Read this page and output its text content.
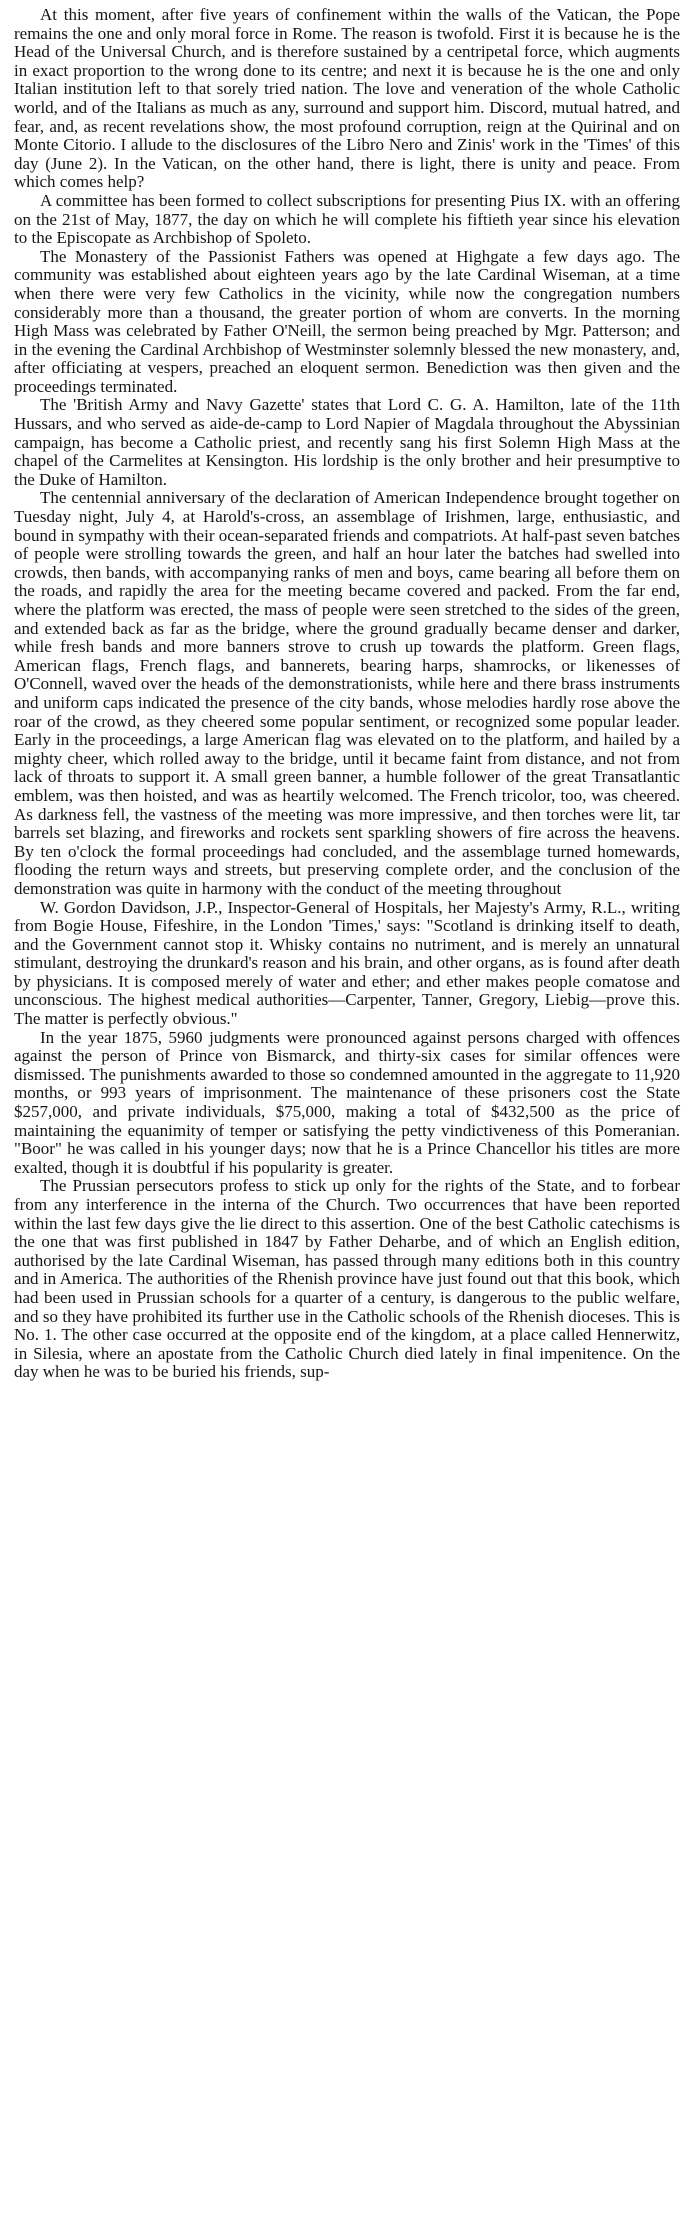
At this moment, after five years of confinement within the walls of the Vatican, the Pope remains the one and only moral force in Rome. The reason is twofold. First it is because he is the Head of the Universal Church, and is therefore sustained by a centripetal force, which augments in exact proportion to the wrong done to its centre; and next it is because he is the one and only Italian institution left to that sorely tried nation. The love and veneration of the whole Catholic world, and of the Italians as much as any, surround and support him. Discord, mutual hatred, and fear, and, as recent revelations show, the most profound corruption, reign at the Quirinal and on Monte Citorio. I allude to the disclosures of the Libro Nero and Zinis' work in the 'Times' of this day (June 2). In the Vatican, on the other hand, there is light, there is unity and peace. From which comes help?

A committee has been formed to collect subscriptions for presenting Pius IX. with an offering on the 21st of May, 1877, the day on which he will complete his fiftieth year since his elevation to the Episcopate as Archbishop of Spoleto.

The Monastery of the Passionist Fathers was opened at Highgate a few days ago. The community was established about eighteen years ago by the late Cardinal Wiseman, at a time when there were very few Catholics in the vicinity, while now the congregation numbers considerably more than a thousand, the greater portion of whom are converts. In the morning High Mass was celebrated by Father O'Neill, the sermon being preached by Mgr. Patterson; and in the evening the Cardinal Archbishop of Westminster solemnly blessed the new monastery, and, after officiating at vespers, preached an eloquent sermon. Benediction was then given and the proceedings terminated.

The 'British Army and Navy Gazette' states that Lord C. G. A. Hamilton, late of the 11th Hussars, and who served as aide-de-camp to Lord Napier of Magdala throughout the Abyssinian campaign, has become a Catholic priest, and recently sang his first Solemn High Mass at the chapel of the Carmelites at Kensington. His lordship is the only brother and heir presumptive to the Duke of Hamilton.

The centennial anniversary of the declaration of American Independence brought together on Tuesday night, July 4, at Harold's-cross, an assemblage of Irishmen, large, enthusiastic, and bound in sympathy with their ocean-separated friends and compatriots. At half-past seven batches of people were strolling towards the green, and half an hour later the batches had swelled into crowds, then bands, with accompanying ranks of men and boys, came bearing all before them on the roads, and rapidly the area for the meeting became covered and packed. From the far end, where the platform was erected, the mass of people were seen stretched to the sides of the green, and extended back as far as the bridge, where the ground gradually became denser and darker, while fresh bands and more banners strove to crush up towards the platform. Green flags, American flags, French flags, and bannerets, bearing harps, shamrocks, or likenesses of O'Connell, waved over the heads of the demonstrationists, while here and there brass instruments and uniform caps indicated the presence of the city bands, whose melodies hardly rose above the roar of the crowd, as they cheered some popular sentiment, or recognized some popular leader. Early in the proceedings, a large American flag was elevated on to the platform, and hailed by a mighty cheer, which rolled away to the bridge, until it became faint from distance, and not from lack of throats to support it. A small green banner, a humble follower of the great Transatlantic emblem, was then hoisted, and was as heartily welcomed. The French tricolor, too, was cheered. As darkness fell, the vastness of the meeting was more impressive, and then torches were lit, tar barrels set blazing, and fireworks and rockets sent sparkling showers of fire across the heavens. By ten o'clock the formal proceedings had concluded, and the assemblage turned homewards, flooding the return ways and streets, but preserving complete order, and the conclusion of the demonstration was quite in harmony with the conduct of the meeting throughout

W. Gordon Davidson, J.P., Inspector-General of Hospitals, her Majesty's Army, R.L., writing from Bogie House, Fifeshire, in the London 'Times,' says: "Scotland is drinking itself to death, and the Government cannot stop it. Whisky contains no nutriment, and is merely an unnatural stimulant, destroying the drunkard's reason and his brain, and other organs, as is found after death by physicians. It is composed merely of water and ether; and ether makes people comatose and unconscious. The highest medical authorities—Carpenter, Tanner, Gregory, Liebig—prove this. The matter is perfectly obvious."

In the year 1875, 5960 judgments were pronounced against persons charged with offences against the person of Prince von Bismarck, and thirty-six cases for similar offences were dismissed. The punishments awarded to those so condemned amounted in the aggregate to 11,920 months, or 993 years of imprisonment. The maintenance of these prisoners cost the State $257,000, and private individuals, $75,000, making a total of $432,500 as the price of maintaining the equanimity of temper or satisfying the petty vindictiveness of this Pomeranian. "Boor" he was called in his younger days; now that he is a Prince Chancellor his titles are more exalted, though it is doubtful if his popularity is greater.

The Prussian persecutors profess to stick up only for the rights of the State, and to forbear from any interference in the interna of the Church. Two occurrences that have been reported within the last few days give the lie direct to this assertion. One of the best Catholic catechisms is the one that was first published in 1847 by Father Deharbe, and of which an English edition, authorised by the late Cardinal Wiseman, has passed through many editions both in this country and in America. The authorities of the Rhenish province have just found out that this book, which had been used in Prussian schools for a quarter of a century, is dangerous to the public welfare, and so they have prohibited its further use in the Catholic schools of the Rhenish dioceses. This is No. 1. The other case occurred at the opposite end of the kingdom, at a place called Hennerwitz, in Silesia, where an apostate from the Catholic Church died lately in final impenitence. On the day when he was to be buried his friends, sup-
